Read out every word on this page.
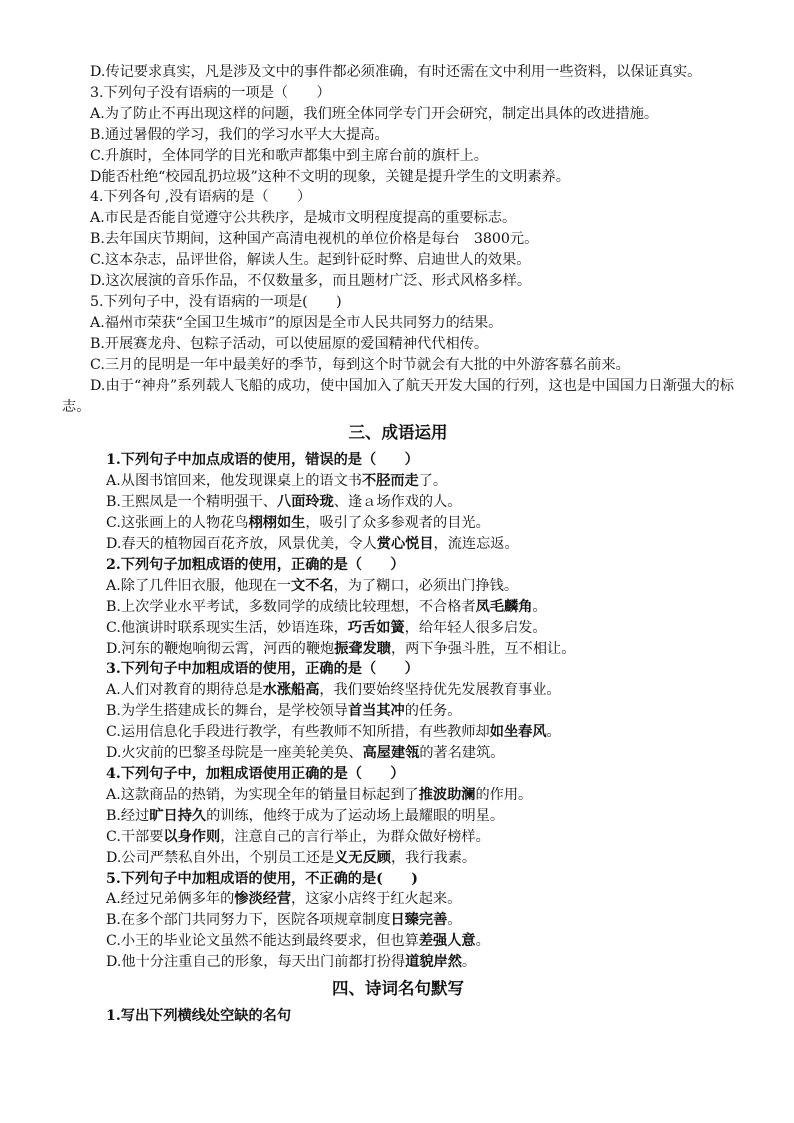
D.传记要求真实，凡是涉及文中的事件都必须准确，有时还需在文中利用一些资料，以保证真实。

3.下列句子没有语病的一项是（　　）

A.为了防止不再出现这样的问题，我们班全体同学专门开会研究，制定出具体的改进措施。

B.通过暑假的学习，我们的学习水平大大提高。

C.升旗时，全体同学的目光和歌声都集中到主席台前的旗杆上。

D能否杜绝“校园乱扔垃圾”这种不文明的现象，关键是提升学生的文明素养。

4.下列各句 ,没有语病的是（　　）

A.市民是否能自觉遵守公共秩序，是城市文明程度提高的重要标志。

B.去年国庆节期间，这种国产高清电视机的单位价格是每台　3800元。

C.这本杂志，品评世俗，解读人生。起到针砭时弊、启迪世人的效果。

D.这次展演的音乐作品，不仅数量多，而且题材广泛、形式风格多样。

5.下列句子中，没有语病的一项是(　　)

A.福州市荣获“全国卫生城市”的原因是全市人民共同努力的结果。

B.开展赛龙舟、包粽子活动，可以使屈原的爱国精神代代相传。

C.三月的昆明是一年中最美好的季节，每到这个时节就会有大批的中外游客慕名前来。

D.由于“神舟”系列载人飞船的成功，使中国加入了航天开发大国的行列，这也是中国国力日渐强大的标志。

三、成语运用

1.下列句子中加点成语的使用，错误的是（　　）

A.从图书馆回来，他发现课桌上的语文书不胫而走了。

B.王熙凤是一个精明强干、八面玲珑、逢ａ场作戏的人。

C.这张画上的人物花鸟栩栩如生，吸引了众多参观者的目光。

D.春天的植物园百花齐放，风景优美，令人赏心悦目，流连忘返。

2.下列句子加粗成语的使用，正确的是（　　）

A.除了几件旧衣服，他现在一文不名，为了糊口，必须出门挣钱。

B.上次学业水平考试，多数同学的成绩比较理想，不合格者凤毛麟角。

C.他演讲时联系现实生活，妙语连珠，巧舌如簧，给年轻人很多启发。

D.河东的鞭炮响彻云霄，河西的鞭炮振聋发聩，两下争强斗胜，互不相让。

3.下列句子中加粗成语的使用，正确的是（　　）

A.人们对教育的期待总是水涨船高，我们要始终坚持优先发展教育事业。

B.为学生搭建成长的舞台，是学校领导首当其冲的任务。

C.运用信息化手段进行教学，有些教师不知所措，有些教师却如坐春风。

D.火灾前的巴黎圣母院是一座美轮美奂、高屋建瓴的著名建筑。

4.下列句子中，加粗成语使用正确的是（　　）

A.这款商品的热销，为实现全年的销量目标起到了推波助澜的作用。

B.经过旷日持久的训练，他终于成为了运动场上最耀眼的明星。

C.干部要以身作则，注意自己的言行举止，为群众做好榜样。

D.公司严禁私自外出，个别员工还是义无反顾，我行我素。

5.下列句子中加粗成语的使用，不正确的是(　　)

A.经过兄弟俩多年的惨淡经营，这家小店终于红火起来。

B.在多个部门共同努力下，医院各项规章制度日臻完善。

C.小王的毕业论文虽然不能达到最终要求，但也算差强人意。

D.他十分注重自己的形象，每天出门前都打扮得道貌岸然。

四、诗词名句默写

1.写出下列横线处空缺的名句
